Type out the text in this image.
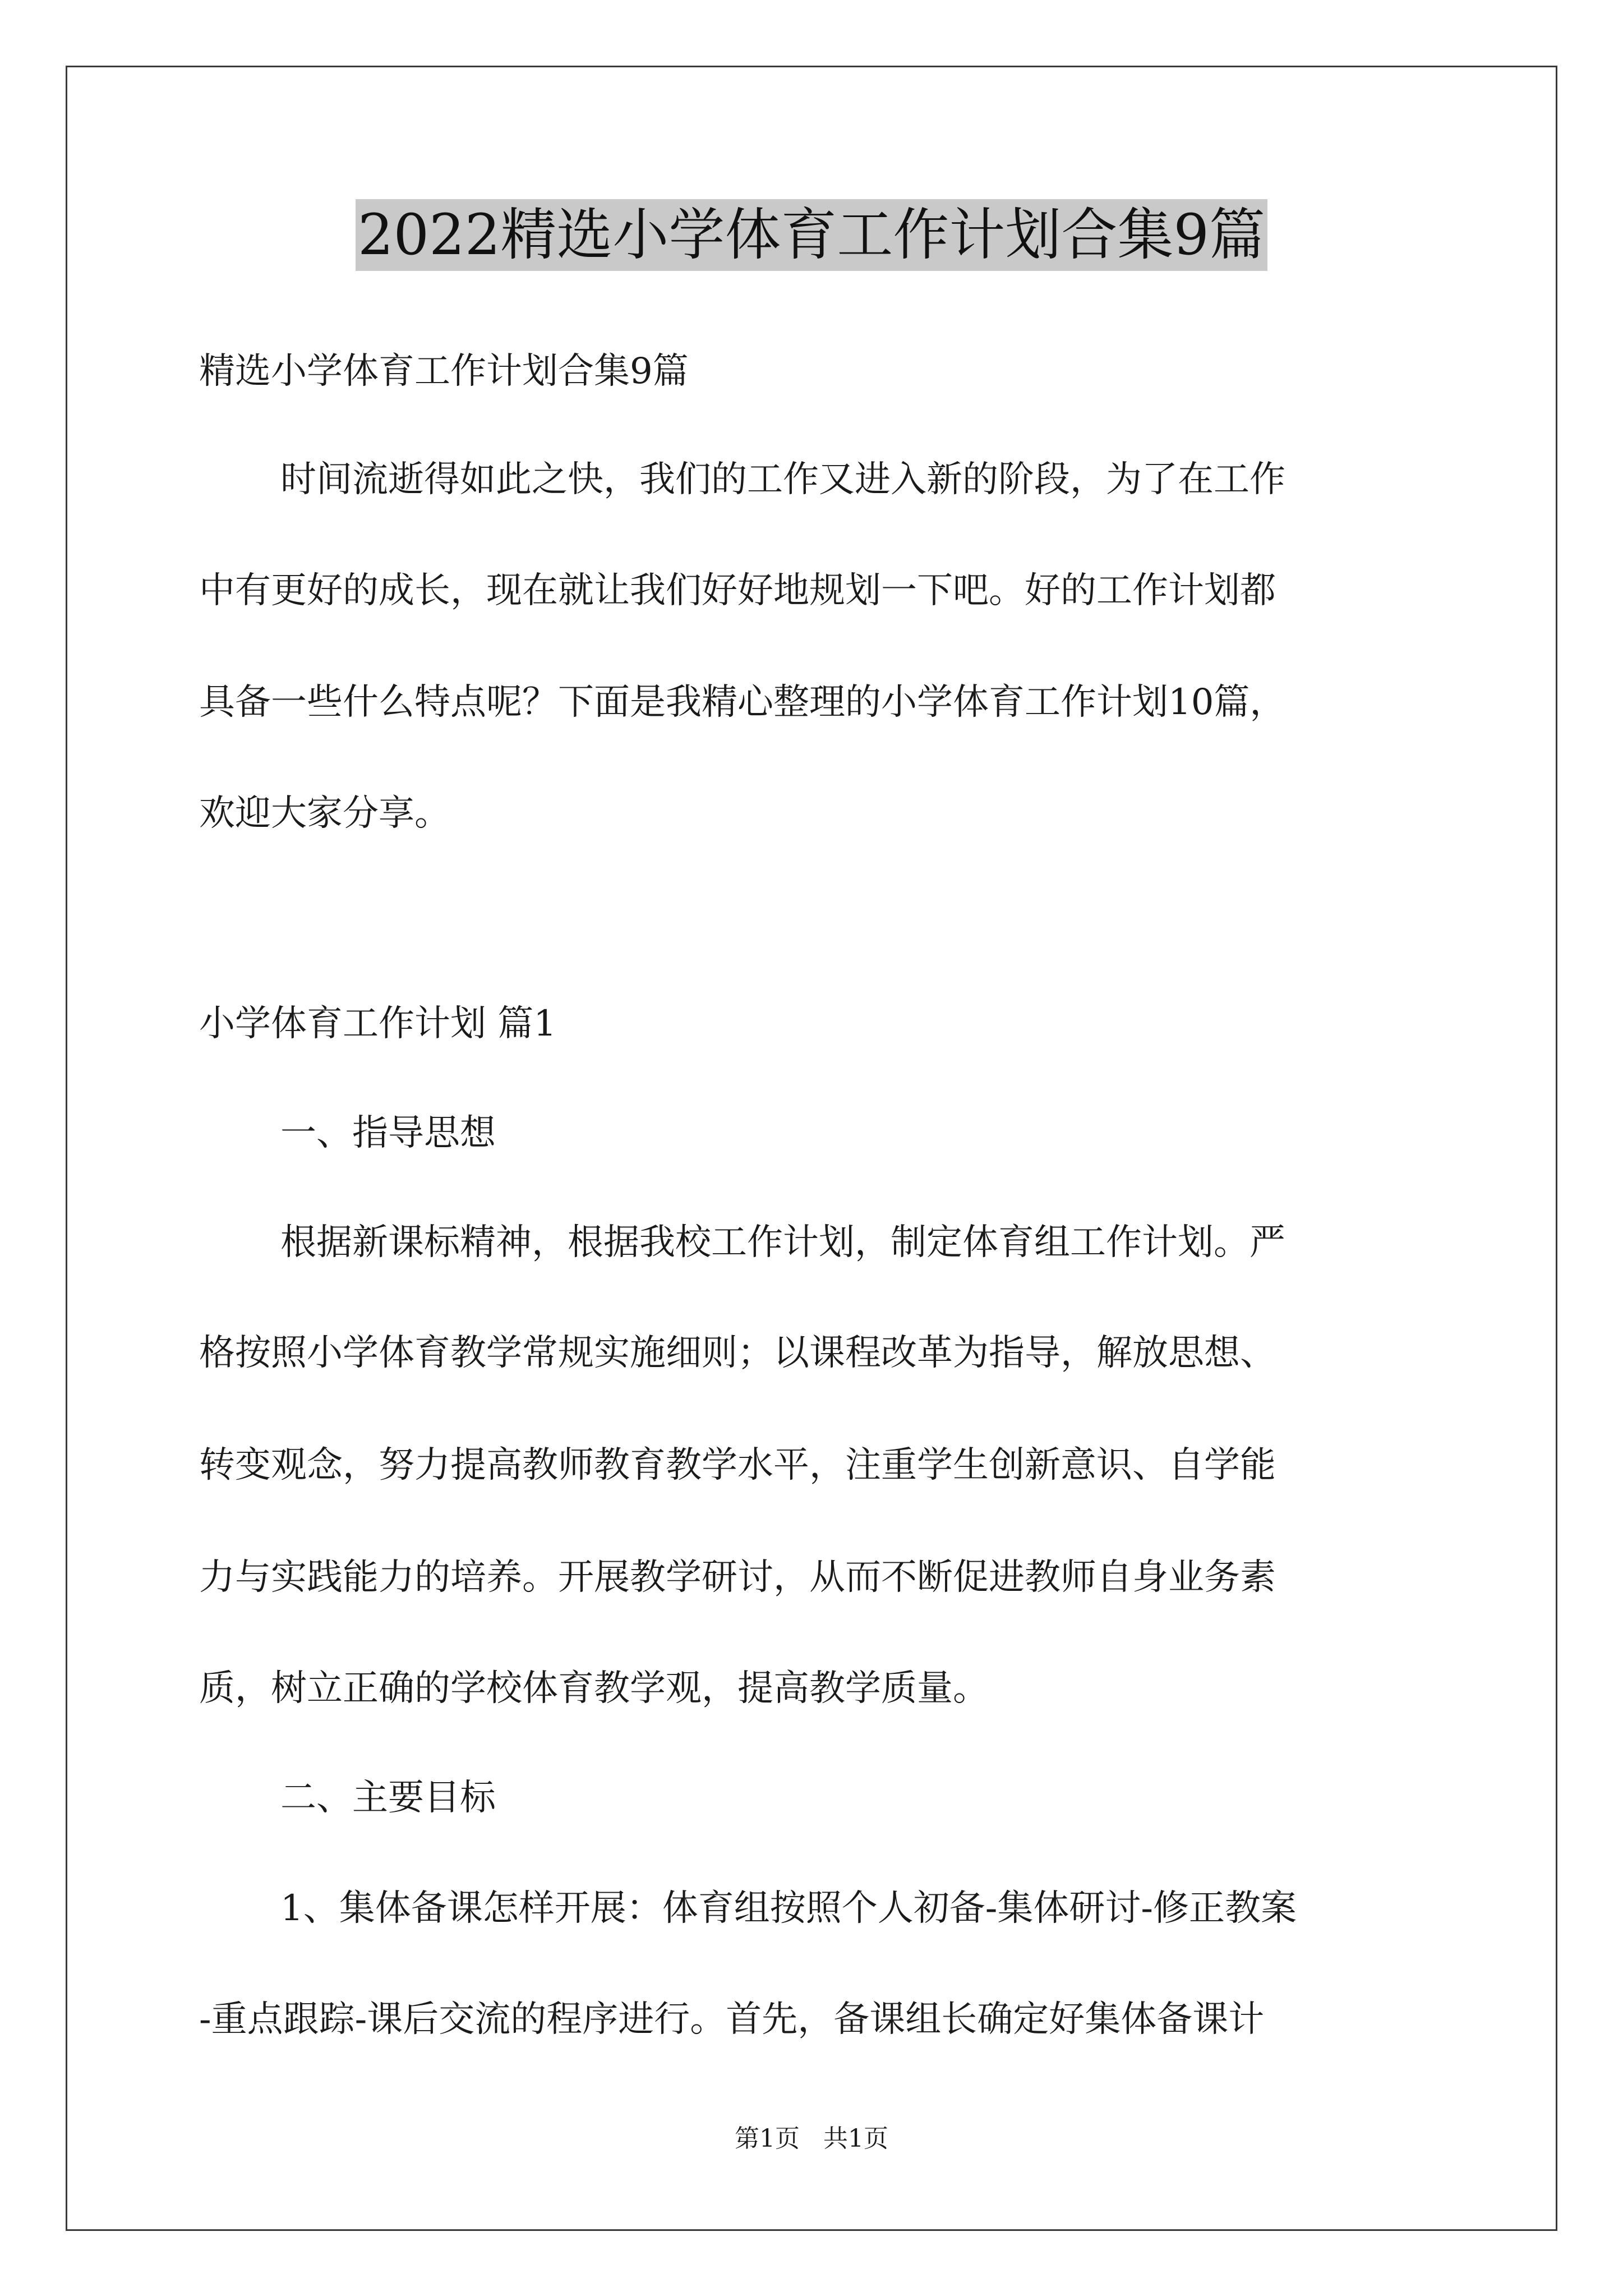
2022精选小学体育工作计划合集9篇
精选小学体育工作计划合集9篇
时间流逝得如此之快，我们的工作又进入新的阶段，为了在工作
中有更好的成长，现在就让我们好好地规划一下吧。好的工作计划都
具备一些什么特点呢？下面是我精心整理的小学体育工作计划10篇，
欢迎大家分享。
小学体育工作计划 篇1
一、指导思想
根据新课标精神，根据我校工作计划，制定体育组工作计划。严
格按照小学体育教学常规实施细则；以课程改革为指导，解放思想、
转变观念，努力提高教师教育教学水平，注重学生创新意识、自学能
力与实践能力的培养。开展教学研讨，从而不断促进教师自身业务素
质，树立正确的学校体育教学观，提高教学质量。
二、主要目标
1、集体备课怎样开展：体育组按照个人初备-集体研讨-修正教案
-重点跟踪-课后交流的程序进行。首先，备课组长确定好集体备课计
第1页 共1页
